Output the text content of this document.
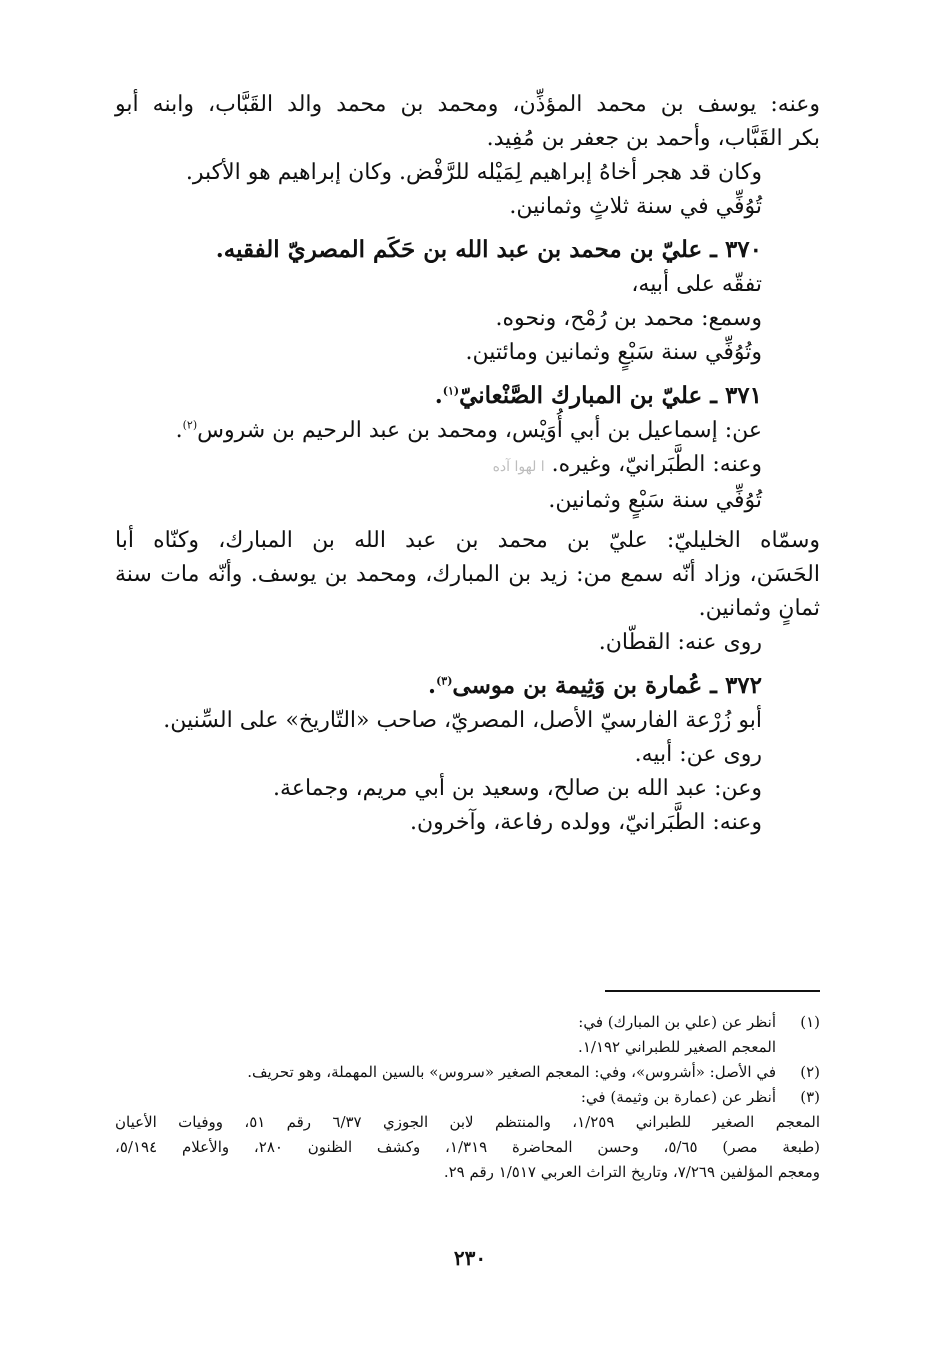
وعنه: يوسف بن محمد المؤذِّن، ومحمد بن محمد والد القَبَّاب، وابنه أبو
بكر القَبَّاب، وأحمد بن جعفر بن مُفِيد.
وكان قد هجر أخاهُ إبراهيم لِمَيْله للرَّفْض. وكان إبراهيم هو الأكبر.
تُوُفِّي في سنة ثلاثٍ وثمانين.
٣٧٠ ـ عليّ بن محمد بن عبد الله بن حَكَم المصريّ الفقيه.
تفقّه على أبيه،
وسمع: محمد بن رُمْح، ونحوه.
وتُوُفِّي سنة سَبْعٍ وثمانين ومائتين.
٣٧١ ـ عليّ بن المبارك الصَّنْعانيّ$^{(١)}$.
عن: إسماعيل بن أبي أُوَيْس، ومحمد بن عبد الرحيم بن شروس$^{(٢)}$.
وعنه: الطَّبَرانيّ، وغيره. ا لهوا آده
تُوُفِّي سنة سَبْعٍ وثمانين.
وسمّاه الخليليّ: عليّ بن محمد بن عبد الله بن المبارك، وكنّاه أبا
الحَسَن، وزاد أنّه سمع من: زيد بن المبارك، ومحمد بن يوسف. وأنّه مات سنة
ثمانٍ وثمانين.
روى عنه: القطّان.
٣٧٢ ـ عُمارة بن وَثِيمة بن موسى$^{(٣)}$.
أبو زُرْعة الفارسيّ الأصل، المصريّ، صاحب «التّاريخ» على السِّنين.
روى عن: أبيه.
وعن: عبد الله بن صالح، وسعيد بن أبي مريم، وجماعة.
وعنه: الطَّبَرانيّ، وولده رفاعة، وآخرون.
(١)أنظر عن (علي بن المبارك) في:
المعجم الصغير للطبراني ١/١٩٢.
(٢)في الأصل: «أشروس»، وفي: المعجم الصغير «سروس» بالسين المهملة، وهو تحريف.
(٣)أنظر عن (عمارة بن وثيمة) في:
المعجم الصغير للطبراني ١/٢٥٩، والمنتظم لابن الجوزي ٦/٣٧ رقم ٥١، ووفيات الأعيان
(طبعة مصر) ٥/٦٥، وحسن المحاضرة ١/٣١٩، وكشف الظنون ٢٨٠، والأعلام ٥/١٩٤،
ومعجم المؤلفين ٧/٢٦٩، وتاريخ التراث العربي ١/٥١٧ رقم ٢٩.
٢٣٠
